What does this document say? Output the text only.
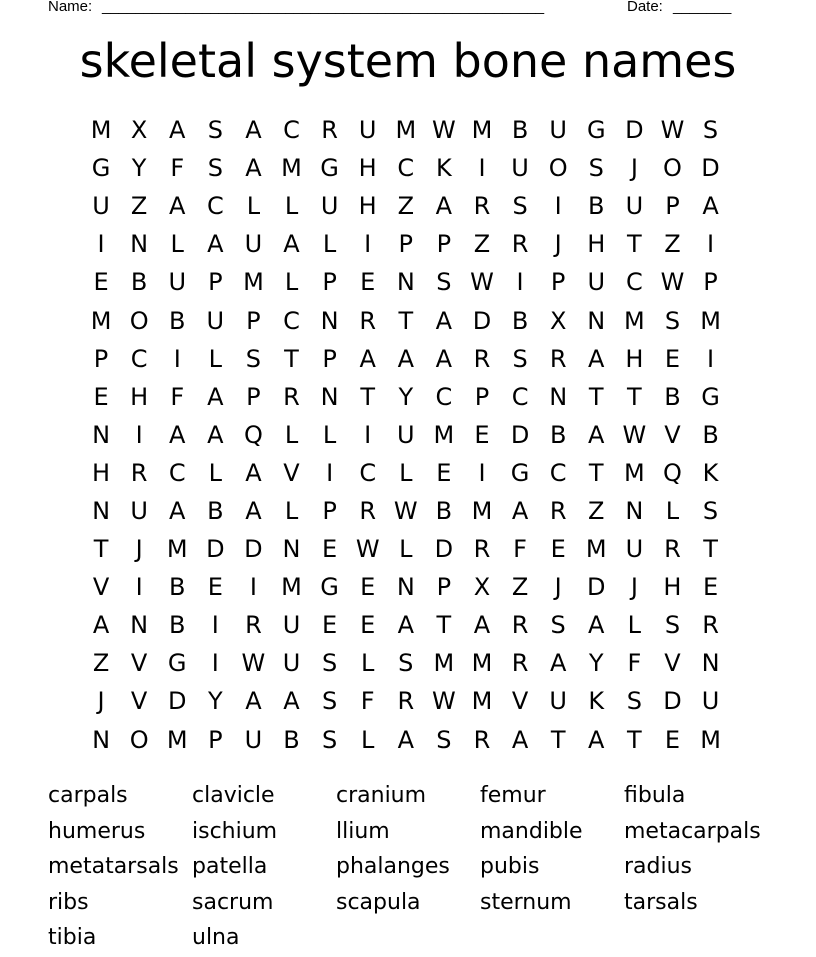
Name: _____________________________________________________	Date: _______
skeletal system bone names
M X A S A C R U M W M B U G D W S
G Y F S A M G H C K	I	U O S	J	O D
U Z A C L	L U H Z A R S	I	B U P A
I	N L A U A L	I	P P Z R	J	H T Z	I
E B U P M L	P E N S W I	P U C W P
M O B U P C N R T A D B X N M S M
P C	I	L S T P A A A R S R A H E	I
E H F A P R N T Y C P C N T T B G
N	I	A A Q L	L	I	U M E D B A W V B
H R C L A V	I	C L E	I	G C T M Q K
N U A B A L	P R W B M A R Z N L S
T	J	M D D N E W L D R F E M U R T
V	I	B E	I	M G E N P X Z	J	D	J	H E
A N B	I	R U E E A T A R S A L S R
Z V G	I W U S L S M M R A Y F V N
J	V D Y A A S F R W M V U K S D U
N O M P U B S L A S R A T A T E M
carpals	clavicle	cranium	femur	fibula
humerus	ischium	llium	mandible	metacarpals
metatarsals patella	phalanges	pubis	radius
ribs	sacrum	scapula	sternum	tarsals
tibia	ulna
